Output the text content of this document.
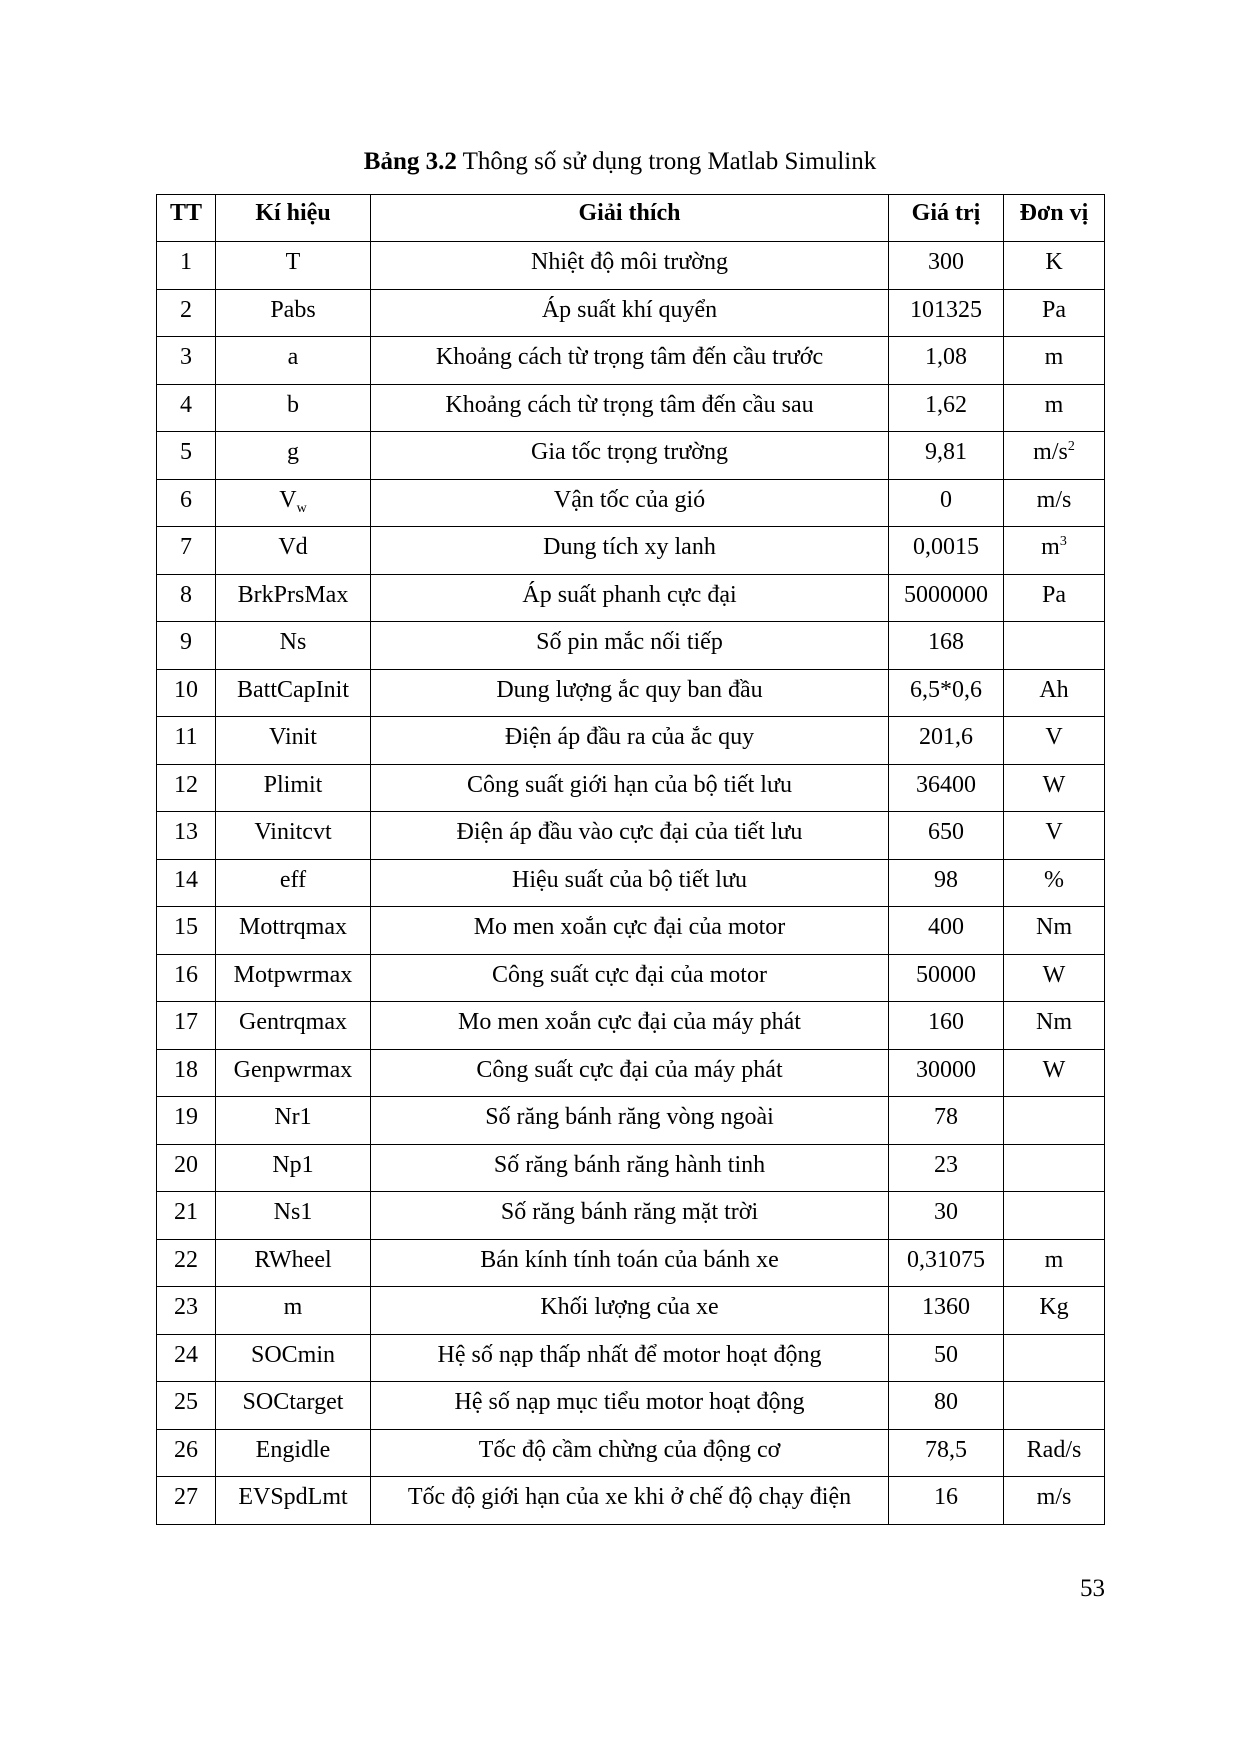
Bảng 3.2 Thông số sử dụng trong Matlab Simulink
TT	Kí hiệu	Giải thích	Giá trị	Đơn vị
1	T	Nhiệt độ môi trường	300	K
2	Pabs	Áp suất khí quyển	101325	Pa
3	a	Khoảng cách từ trọng tâm đến cầu trước	1,08	m
4	b	Khoảng cách từ trọng tâm đến cầu sau	1,62	m
5	g	Gia tốc trọng trường	9,81	$m/s^2$
6	$V_w$	Vận tốc của gió	0	m/s
7	Vd	Dung tích xy lanh	0,0015	$m^3$
8	BrkPrsMax	Áp suất phanh cực đại	5000000	Pa
9	Ns	Số pin mắc nối tiếp	168	
10	BattCapInit	Dung lượng ắc quy ban đầu	6,5*0,6	Ah
11	Vinit	Điện áp đầu ra của ắc quy	201,6	V
12	Plimit	Công suất giới hạn của bộ tiết lưu	36400	W
13	Vinitcvt	Điện áp đầu vào cực đại của tiết lưu	650	V
14	eff	Hiệu suất của bộ tiết lưu	98	%
15	Mottrqmax	Mo men xoắn cực đại của motor	400	Nm
16	Motpwrmax	Công suất cực đại của motor	50000	W
17	Gentrqmax	Mo men xoắn cực đại của máy phát	160	Nm
18	Genpwrmax	Công suất cực đại của máy phát	30000	W
19	Nr1	Số răng bánh răng vòng ngoài	78	
20	Np1	Số răng bánh răng hành tinh	23	
21	Ns1	Số răng bánh răng mặt trời	30	
22	RWheel	Bán kính tính toán của bánh xe	0,31075	m
23	m	Khối lượng của xe	1360	Kg
24	SOCmin	Hệ số nạp thấp nhất để motor hoạt động	50	
25	SOCtarget	Hệ số nạp mục tiểu motor hoạt động	80	
26	Engidle	Tốc độ cầm chừng của động cơ	78,5	Rad/s
27	EVSpdLmt	Tốc độ giới hạn của xe khi ở chế độ chạy điện	16	m/s
53
